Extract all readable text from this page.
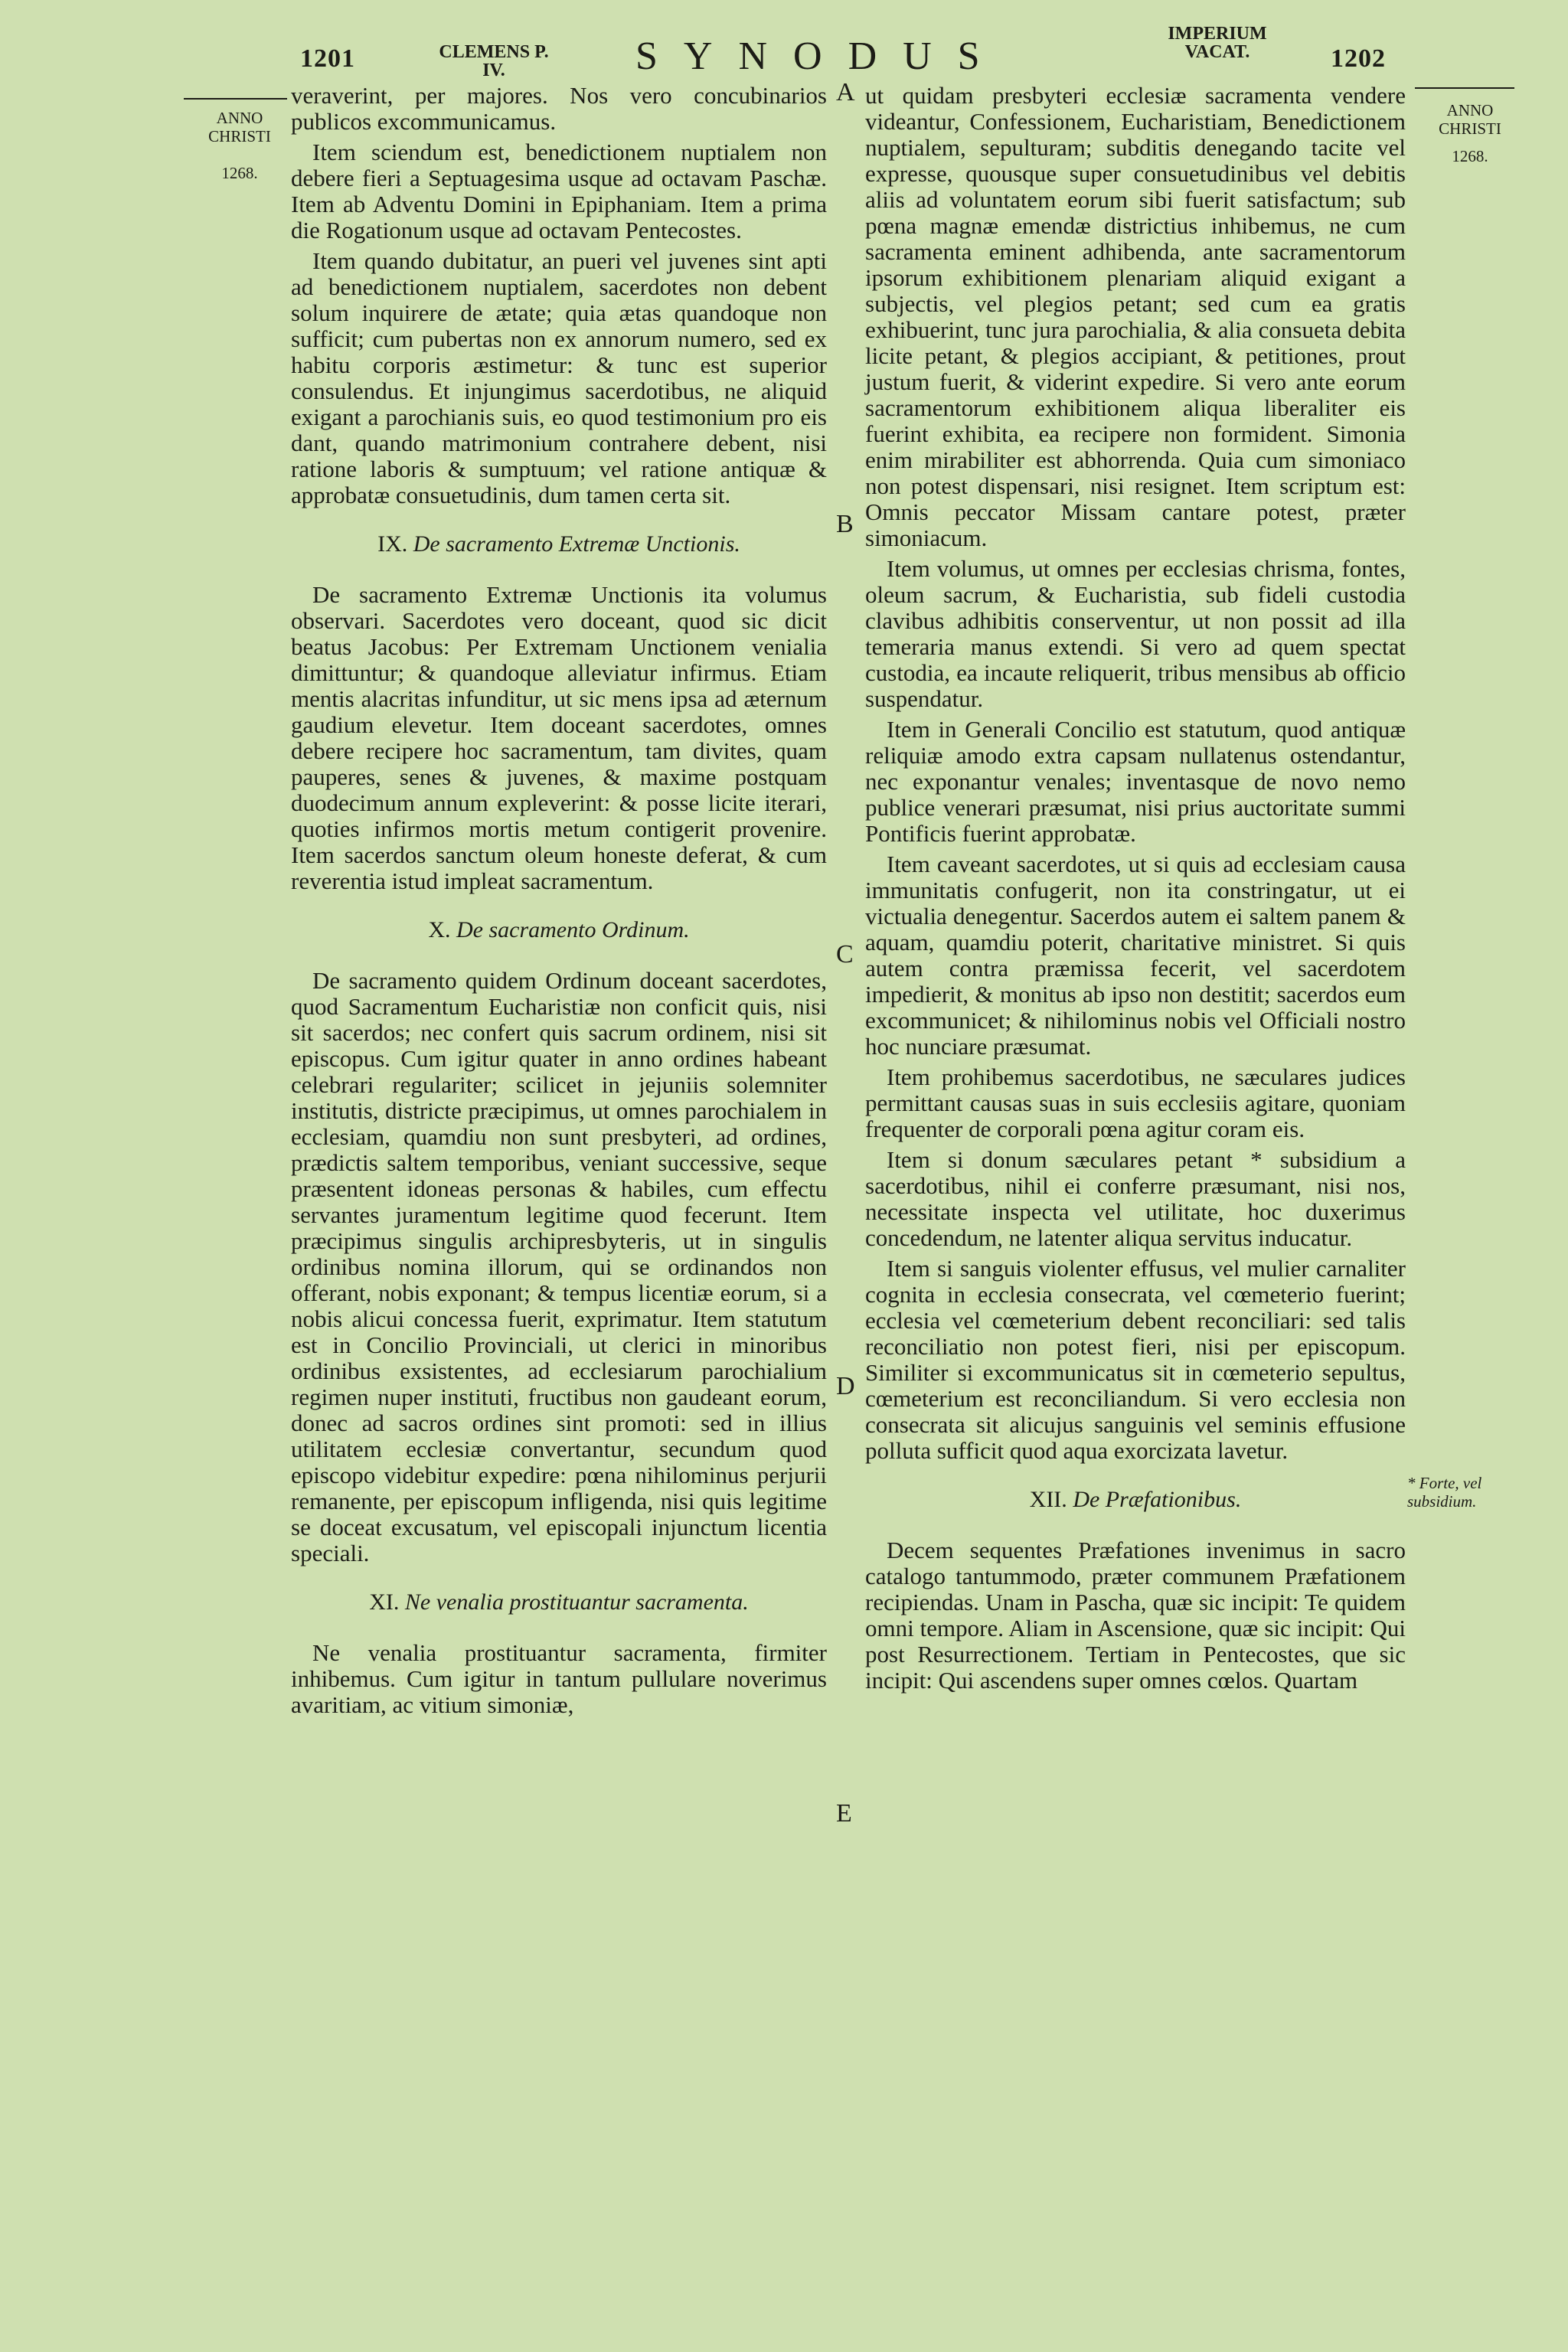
1201	CLEMENS P. IV.	SYNODUS
IMPERIUM VACAT.	1202
ANNO CHRISTI
1268.
ANNO CHRISTI
1268.
A
B
C
D
E
* Forte, vel subsidium.

veraverint, per majores. Nos vero concubinarios publicos excommunicamus.

Item sciendum est, benedictionem nuptialem non debere fieri a Septuagesima usque ad octavam Paschæ. Item ab Adventu Domini in Epiphaniam. Item a prima die Rogationum usque ad octavam Pentecostes.

Item quando dubitatur, an pueri vel juvenes sint apti ad benedictionem nuptialem, sacerdotes non debent solum inquirere de ætate; quia ætas quandoque non sufficit; cum pubertas non ex annorum numero, sed ex habitu corporis æstimetur: & tunc est superior consulendus. Et injungimus sacerdotibus, ne aliquid exigant a parochianis suis, eo quod testimonium pro eis dant, quando matrimonium contrahere debent, nisi ratione laboris & sumptuum; vel ratione antiquæ & approbatæ consuetudinis, dum tamen certa sit.

IX. De sacramento Extremæ Unctionis.

De sacramento Extremæ Unctionis ita volumus observari. Sacerdotes vero doceant, quod sic dicit beatus Jacobus: Per Extremam Unctionem venialia dimittuntur; & quandoque alleviatur infirmus. Etiam mentis alacritas infunditur, ut sic mens ipsa ad æternum gaudium elevetur. Item doceant sacerdotes, omnes debere recipere hoc sacramentum, tam divites, quam pauperes, senes & juvenes, & maxime postquam duodecimum annum expleverint: & posse licite iterari, quoties infirmos mortis metum contigerit provenire. Item sacerdos sanctum oleum honeste deferat, & cum reverentia istud impleat sacramentum.

X. De sacramento Ordinum.

De sacramento quidem Ordinum doceant sacerdotes, quod Sacramentum Eucharistiæ non conficit quis, nisi sit sacerdos; nec confert quis sacrum ordinem, nisi sit episcopus. Cum igitur quater in anno ordines habeant celebrari regulariter; scilicet in jejuniis solemniter institutis, districte præcipimus, ut omnes parochialem in ecclesiam, quamdiu non sunt presbyteri, ad ordines, prædictis saltem temporibus, veniant successive, seque præsentent idoneas personas & habiles, cum effectu servantes juramentum legitime quod fecerunt. Item præcipimus singulis archipresbyteris, ut in singulis ordinibus nomina illorum, qui se ordinandos non offerant, nobis exponant; & tempus licentiæ eorum, si a nobis alicui concessa fuerit, exprimatur. Item statutum est in Concilio Provinciali, ut clerici in minoribus ordinibus exsistentes, ad ecclesiarum parochialium regimen nuper instituti, fructibus non gaudeant eorum, donec ad sacros ordines sint promoti: sed in illius utilitatem ecclesiæ convertantur, secundum quod episcopo videbitur expedire: pœna nihilominus perjurii remanente, per episcopum infligenda, nisi quis legitime se doceat excusatum, vel episcopali injunctum licentia speciali.

XI. Ne venalia prostituantur sacramenta.

Ne venalia prostituantur sacramenta, firmiter inhibemus. Cum igitur in tantum pullulare noverimus avaritiam, ac vitium simoniæ,

ut quidam presbyteri ecclesiæ sacramenta vendere videantur, Confessionem, Eucharistiam, Benedictionem nuptialem, sepulturam; subditis denegando tacite vel expresse, quousque super consuetudinibus vel debitis aliis ad voluntatem eorum sibi fuerit satisfactum; sub pœna magnæ emendæ districtius inhibemus, ne cum sacramenta eminent adhibenda, ante sacramentorum ipsorum exhibitionem plenariam aliquid exigant a subjectis, vel plegios petant; sed cum ea gratis exhibuerint, tunc jura parochialia, & alia consueta debita licite petant, & plegios accipiant, & petitiones, prout justum fuerit, & viderint expedire. Si vero ante eorum sacramentorum exhibitionem aliqua liberaliter eis fuerint exhibita, ea recipere non formident. Simonia enim mirabiliter est abhorrenda. Quia cum simoniaco non potest dispensari, nisi resignet. Item scriptum est: Omnis peccator Missam cantare potest, præter simoniacum.

Item volumus, ut omnes per ecclesias chrisma, fontes, oleum sacrum, & Eucharistia, sub fideli custodia clavibus adhibitis conserventur, ut non possit ad illa temeraria manus extendi. Si vero ad quem spectat custodia, ea incaute reliquerit, tribus mensibus ab officio suspendatur.

Item in Generali Concilio est statutum, quod antiquæ reliquiæ amodo extra capsam nullatenus ostendantur, nec exponantur venales; inventasque de novo nemo publice venerari præsumat, nisi prius auctoritate summi Pontificis fuerint approbatæ.

Item caveant sacerdotes, ut si quis ad ecclesiam causa immunitatis confugerit, non ita constringatur, ut ei victualia denegentur. Sacerdos autem ei saltem panem & aquam, quamdiu poterit, charitative ministret. Si quis autem contra præmissa fecerit, vel sacerdotem impedierit, & monitus ab ipso non destitit; sacerdos eum excommunicet; & nihilominus nobis vel Officiali nostro hoc nunciare præsumat.

Item prohibemus sacerdotibus, ne sæculares judices permittant causas suas in suis ecclesiis agitare, quoniam frequenter de corporali pœna agitur coram eis.

Item si donum sæculares petant * subsidium a sacerdotibus, nihil ei conferre præsumant, nisi nos, necessitate inspecta vel utilitate, hoc duxerimus concedendum, ne latenter aliqua servitus inducatur.

Item si sanguis violenter effusus, vel mulier carnaliter cognita in ecclesia consecrata, vel cœmeterio fuerint; ecclesia vel cœmeterium debent reconciliari: sed talis reconciliatio non potest fieri, nisi per episcopum. Similiter si excommunicatus sit in cœmeterio sepultus, cœmeterium est reconciliandum. Si vero ecclesia non consecrata sit alicujus sanguinis vel seminis effusione polluta sufficit quod aqua exorcizata lavetur.

XII. De Præfationibus.

Decem sequentes Præfationes invenimus in sacro catalogo tantummodo, præter communem Præfationem recipiendas. Unam in Pascha, quæ sic incipit: Te quidem omni tempore. Aliam in Ascensione, quæ sic incipit: Qui post Resurrectionem. Tertiam in Pentecostes, que sic incipit: Qui ascendens super omnes cœlos. Quartam
